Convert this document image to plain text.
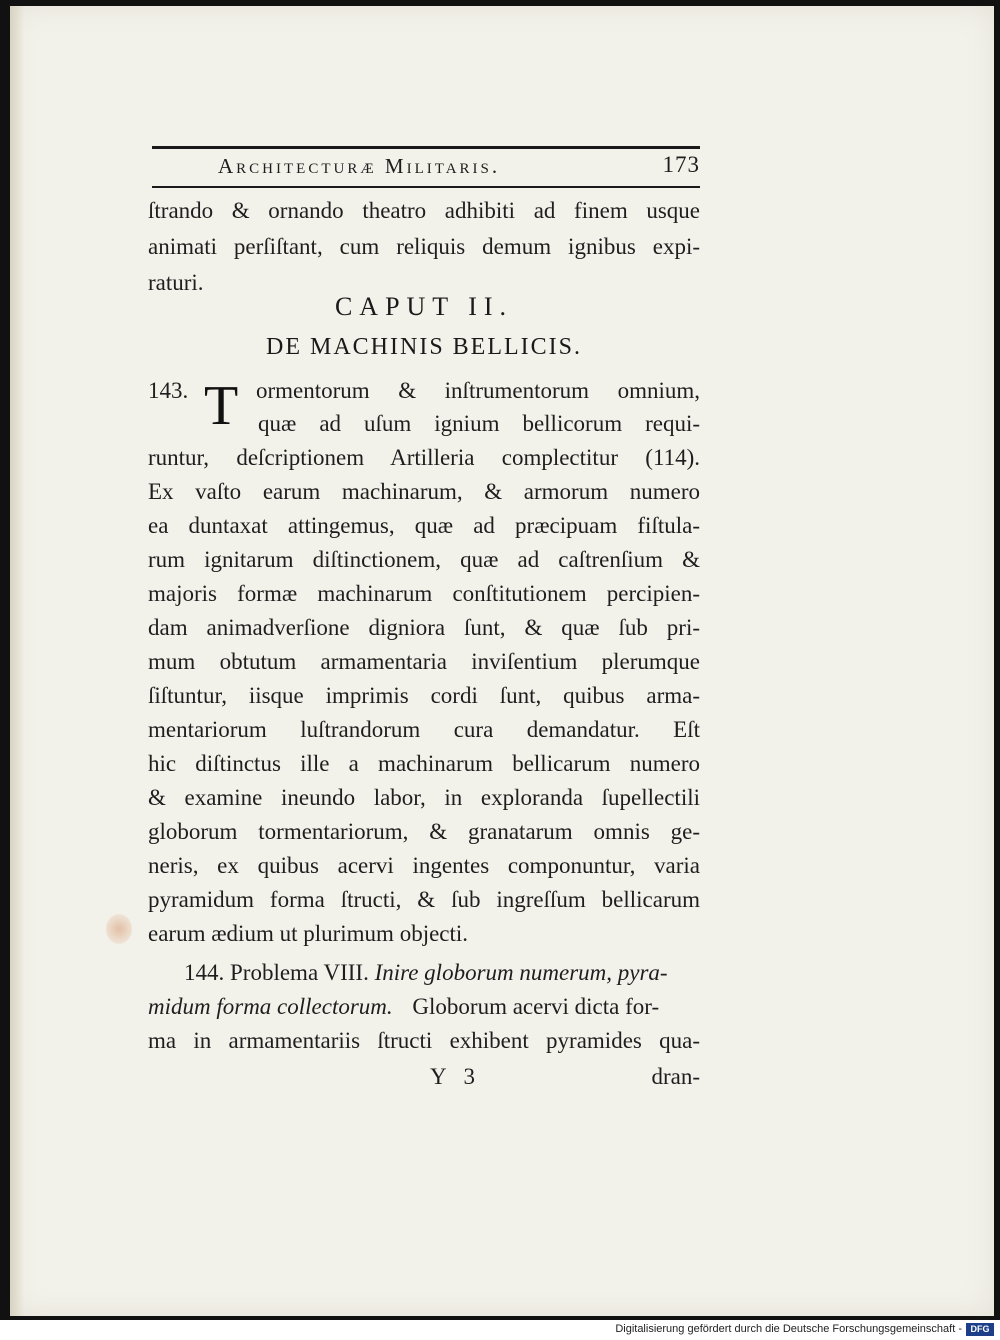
Architecturæ Militaris.	173
ſtrando & ornando theatro adhibiti ad finem usque
animati perſiſtant, cum reliquis demum ignibus expi-
raturi.
CAPUT II.
DE MACHINIS BELLICIS.
143.	ormentorum & inſtrumentorum omnium,
quæ ad uſum ignium bellicorum requi-
runtur, deſcriptionem Artilleria complectitur (114).
Ex vaſto earum machinarum, & armorum numero
ea duntaxat attingemus, quæ ad præcipuam fiſtula-
rum ignitarum diſtinctionem, quæ ad caſtrenſium &
majoris formæ machinarum conſtitutionem percipien-
dam animadverſione digniora ſunt, & quæ ſub pri-
mum obtutum armamentaria inviſentium plerumque
ſiſtuntur, iisque imprimis cordi ſunt, quibus arma-
mentariorum luſtrandorum cura demandatur. Eſt
hic diſtinctus ille a machinarum bellicarum numero
& examine ineundo labor, in exploranda ſupellectili
globorum tormentariorum, & granatarum omnis ge-
neris, ex quibus acervi ingentes componuntur, varia
pyramidum forma ſtructi, & ſub ingreſſum bellicarum
earum ædium ut plurimum objecti.
T
144. Problema VIII. Inire globorum numerum, pyra-
midum forma collectorum. Globorum acervi dicta for-
ma in armamentariis ſtructi exhibent pyramides qua-
Y 3	dran-
Digitalisierung gefördert durch die Deutsche Forschungsgemeinschaft - DFG
